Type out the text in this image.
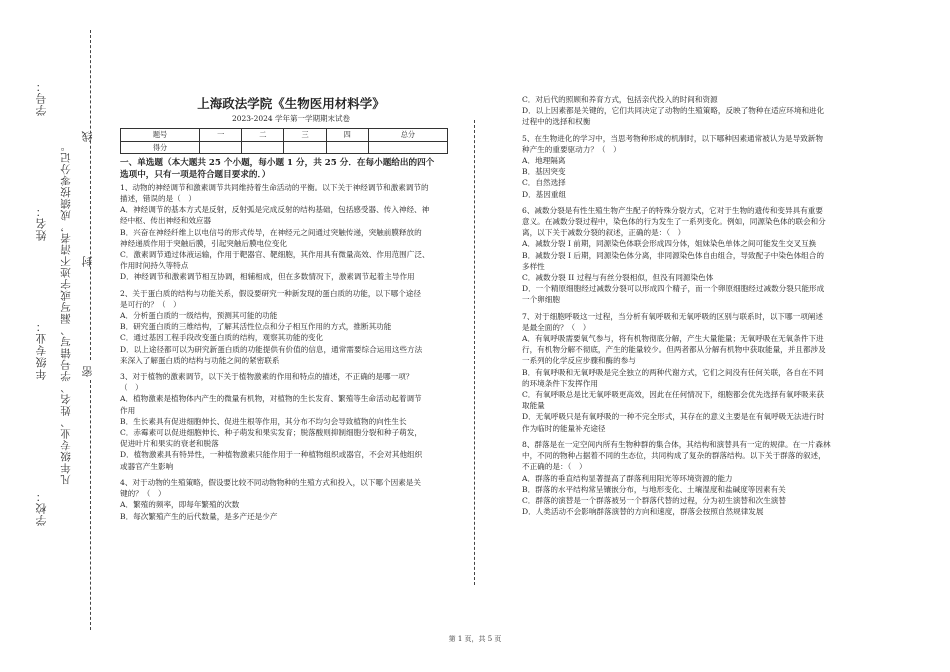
学校：
年级专业：
姓名：
学号：
凡年级专业、姓名、学号错写、漏写或字迹不清者，成绩按零分记。 密
封
线
上海政法学院《生物医用材料学》
2023-2024 学年第一学期期末试卷
题号	一	二	三	四	总分
得分					
一、单选题（本大题共 25 个小题，每小题 1 分，共 25 分．在每小题给出的四个
选项中，只有一项是符合题目要求的．）

1、动物的神经调节和激素调节共同维持着生命活动的平衡。以下关于神经调节和激素调节的

描述，错误的是（　）

A．神经调节的基本方式是反射，反射弧是完成反射的结构基础，包括感受器、传入神经、神

经中枢、传出神经和效应器

B．兴奋在神经纤维上以电信号的形式传导，在神经元之间通过突触传递，突触前膜释放的

神经递质作用于突触后膜，引起突触后膜电位变化

C．激素调节通过体液运输，作用于靶器官、靶细胞，其作用具有微量高效、作用范围广泛、

作用时间持久等特点

D．神经调节和激素调节相互协调，相辅相成，但在多数情况下，激素调节起着主导作用

2、关于蛋白质的结构与功能关系，假设要研究一种新发现的蛋白质的功能，以下哪个途径

是可行的？（　）

A．分析蛋白质的一级结构，预测其可能的功能

B．研究蛋白质的三维结构，了解其活性位点和分子相互作用的方式，推断其功能

C．通过基因工程手段改变蛋白质的结构，观察其功能的变化

D．以上途径都可以为研究新蛋白质的功能提供有价值的信息，通常需要综合运用这些方法

来深入了解蛋白质的结构与功能之间的紧密联系

3、对于植物的激素调节，以下关于植物激素的作用和特点的描述，不正确的是哪一项？

（　）

A．植物激素是植物体内产生的微量有机物，对植物的生长发育、繁殖等生命活动起着调节

作用

B．生长素具有促进细胞伸长、促进生根等作用，其分布不均匀会导致植物的向性生长

C．赤霉素可以促进细胞伸长、种子萌发和果实发育；脱落酸则抑制细胞分裂和种子萌发，

促进叶片和果实的衰老和脱落

D．植物激素具有特异性，一种植物激素只能作用于一种植物组织或器官，不会对其他组织

或器官产生影响

4、对于动物的生殖策略，假设要比较不同动物物种的生殖方式和投入，以下哪个因素是关

键的？（　）

A．繁殖的频率，即每年繁殖的次数

B．每次繁殖产生的后代数量，是多产还是少产

C．对后代的照顾和养育方式，包括亲代投入的时间和资源

D．以上因素都是关键的，它们共同决定了动物的生殖策略，反映了物种在适应环境和进化

过程中的选择和权衡

5、在生物进化的学习中，当思考物种形成的机制时，以下哪种因素通常被认为是导致新物

种产生的重要驱动力？（　）

A．地理隔离

B．基因突变

C．自然选择

D．基因重组

6、减数分裂是有性生殖生物产生配子的特殊分裂方式，它对于生物的遗传和变异具有重要

意义。在减数分裂过程中，染色体的行为发生了一系列变化。例如，同源染色体的联会和分

离，以下关于减数分裂的叙述，正确的是：（　）

A．减数分裂 I 前期，同源染色体联会形成四分体，姐妹染色单体之间可能发生交叉互换

B．减数分裂 I 后期，同源染色体分离，非同源染色体自由组合，导致配子中染色体组合的

多样性

C．减数分裂 II 过程与有丝分裂相似，但没有同源染色体

D．一个精原细胞经过减数分裂可以形成四个精子，而一个卵原细胞经过减数分裂只能形成

一个卵细胞

7、对于细胞呼吸这一过程，当分析有氧呼吸和无氧呼吸的区别与联系时，以下哪一项阐述

是最全面的？（　）

A．有氧呼吸需要氧气参与，将有机物彻底分解，产生大量能量；无氧呼吸在无氧条件下进

行，有机物分解不彻底，产生的能量较少。但两者都从分解有机物中获取能量，并且都涉及

一系列的化学反应步骤和酶的参与

B．有氧呼吸和无氧呼吸是完全独立的两种代谢方式，它们之间没有任何关联，各自在不同

的环境条件下发挥作用

C．有氧呼吸总是比无氧呼吸更高效，因此在任何情况下，细胞都会优先选择有氧呼吸来获

取能量

D．无氧呼吸只是有氧呼吸的一种不完全形式，其存在的意义主要是在有氧呼吸无法进行时

作为临时的能量补充途径

8、群落是在一定空间内所有生物种群的集合体，其结构和演替具有一定的规律。在一片森林

中，不同的物种占据着不同的生态位，共同构成了复杂的群落结构。以下关于群落的叙述，

不正确的是：（　）

A．群落的垂直结构显著提高了群落利用阳光等环境资源的能力

B．群落的水平结构常呈镶嵌分布，与地形变化、土壤湿度和盐碱度等因素有关

C．群落的演替是一个群落被另一个群落代替的过程，分为初生演替和次生演替

D．人类活动不会影响群落演替的方向和速度，群落会按照自然规律发展

第 1 页，共 5 页
